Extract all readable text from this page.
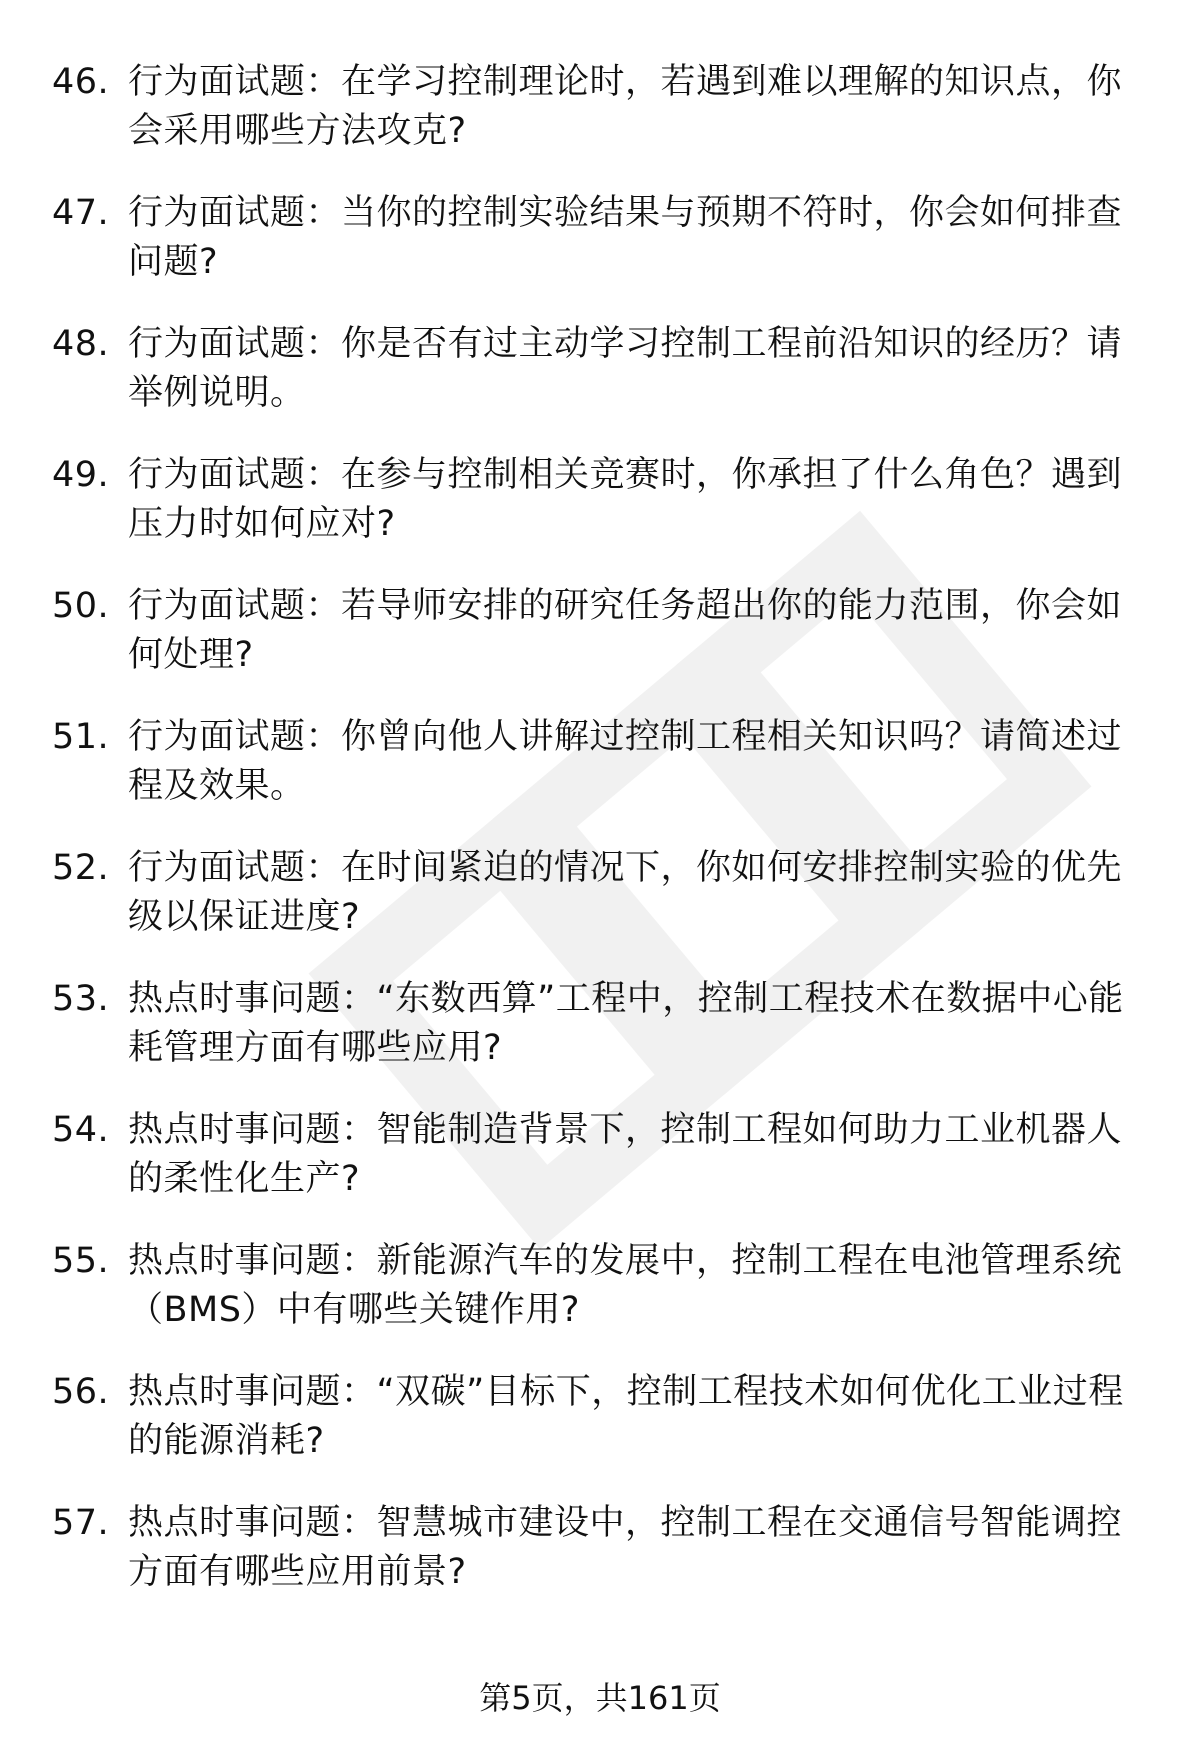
46. 行为面试题：在学习控制理论时，若遇到难以理解的知识点，你会采用哪些方法攻克?
47. 行为面试题：当你的控制实验结果与预期不符时，你会如何排查问题?
48. 行为面试题：你是否有过主动学习控制工程前沿知识的经历？请举例说明。
49. 行为面试题：在参与控制相关竞赛时，你承担了什么角色？遇到压力时如何应对?
50. 行为面试题：若导师安排的研究任务超出你的能力范围，你会如何处理?
51. 行为面试题：你曾向他人讲解过控制工程相关知识吗？请简述过程及效果。
52. 行为面试题：在时间紧迫的情况下，你如何安排控制实验的优先级以保证进度?
53. 热点时事问题：“东数西算”工程中，控制工程技术在数据中心能耗管理方面有哪些应用?
54. 热点时事问题：智能制造背景下，控制工程如何助力工业机器人的柔性化生产?
55. 热点时事问题：新能源汽车的发展中，控制工程在电池管理系统（BMS）中有哪些关键作用?
56. 热点时事问题：“双碳”目标下，控制工程技术如何优化工业过程的能源消耗?
57. 热点时事问题：智慧城市建设中，控制工程在交通信号智能调控方面有哪些应用前景?
第5页，共161页
